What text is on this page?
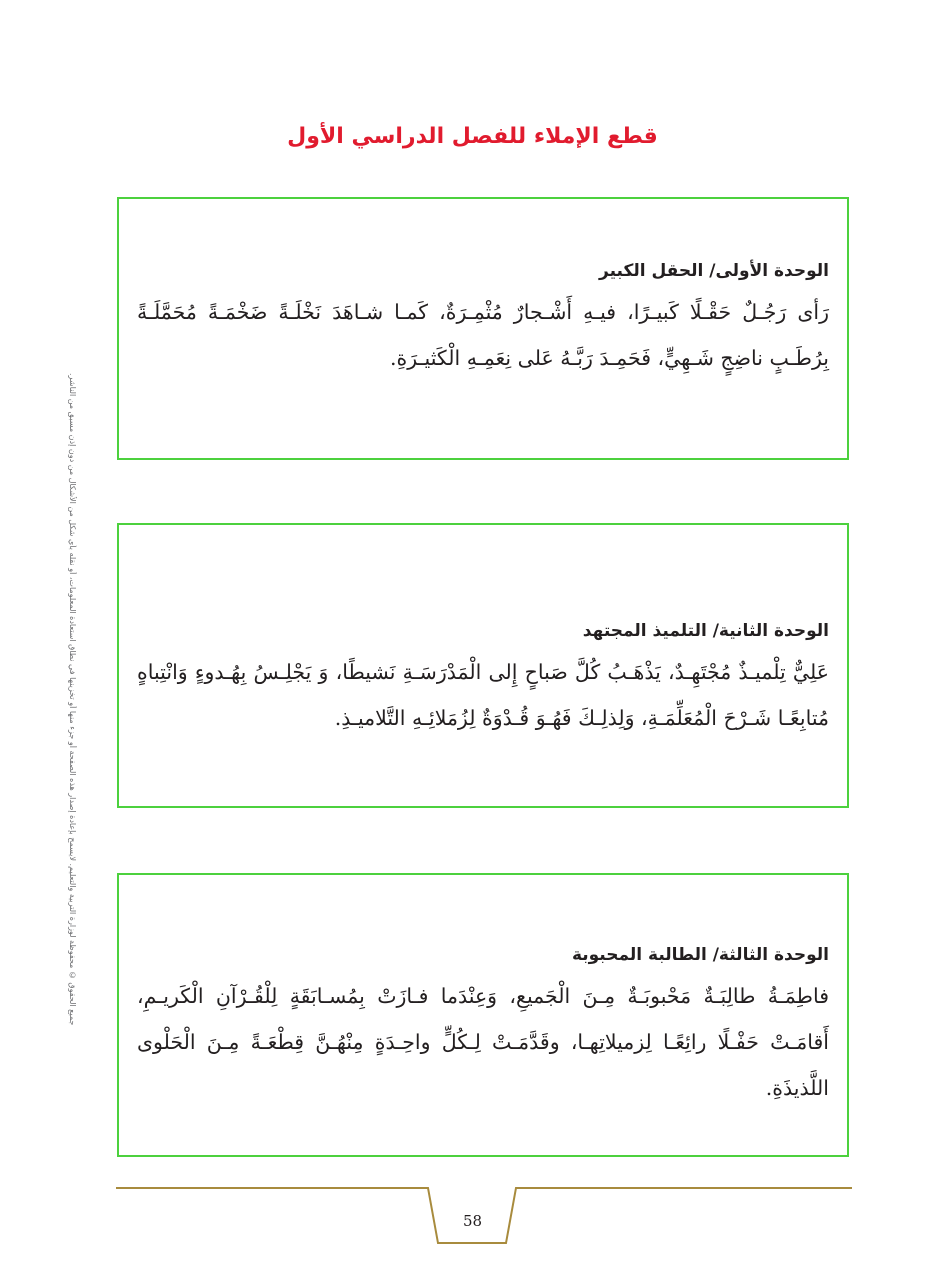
قطع الإملاء للفصل الدراسي الأول
جميع الحقوق © محفوظة لوزارة التربية والتعليم. لايسمح بإعادة إصدار هذه الصفحة أو جزء منها أو تخزينها في نطاق استعادة المعلومات، أو نقله بأي شكل من الأشكال من دون إذن مسبق من الناشر.

الوحدة الأولى/ الحقل الكبير

رَأى رَجُـلٌ حَقْـلًا كَبيـرًا، فيـهِ أَشْـجارٌ مُثْمِـرَةٌ، كَمـا شـاهَدَ نَخْلَـةً ضَخْمَـةً مُحَمَّلَـةً بِرُطَـبٍ ناضِجٍ شَـهِيٍّ، فَحَمِـدَ رَبَّـهُ عَلى نِعَمِـهِ الْكَثيـرَةِ.

الوحدة الثانية/ التلميذ المجتهد

عَلِيٌّ تِلْميـذٌ مُجْتَهِـدٌ، يَذْهَـبُ كُلَّ صَباحٍ إِلى الْمَدْرَسَـةِ نَشيطًا، وَ يَجْلِـسُ بِهُـدوءٍ وَانْتِباهٍ مُتابِعًـا شَـرْحَ الْمُعَلِّمَـةِ، وَلِذلِـكَ فَهُـوَ قُـدْوَةٌ لِزُمَلائِـهِ التَّلاميـذِ.

الوحدة الثالثة/ الطالبة المحبوبة

فاطِمَـةُ طالِبَـةٌ مَحْبوبَـةٌ مِـنَ الْجَميعِ، وَعِنْدَما فـازَتْ بِمُسـابَقَةٍ لِلْقُـرْآنِ الْكَريـمِ، أَقامَـتْ حَفْـلًا رائِعًـا لِزميلاتِهـا، وقَدَّمَـتْ لِـكُلٍّ واحِـدَةٍ مِنْهُـنَّ قِطْعَـةً مِـنَ الْحَلْوى اللَّذيذَةِ.

58
